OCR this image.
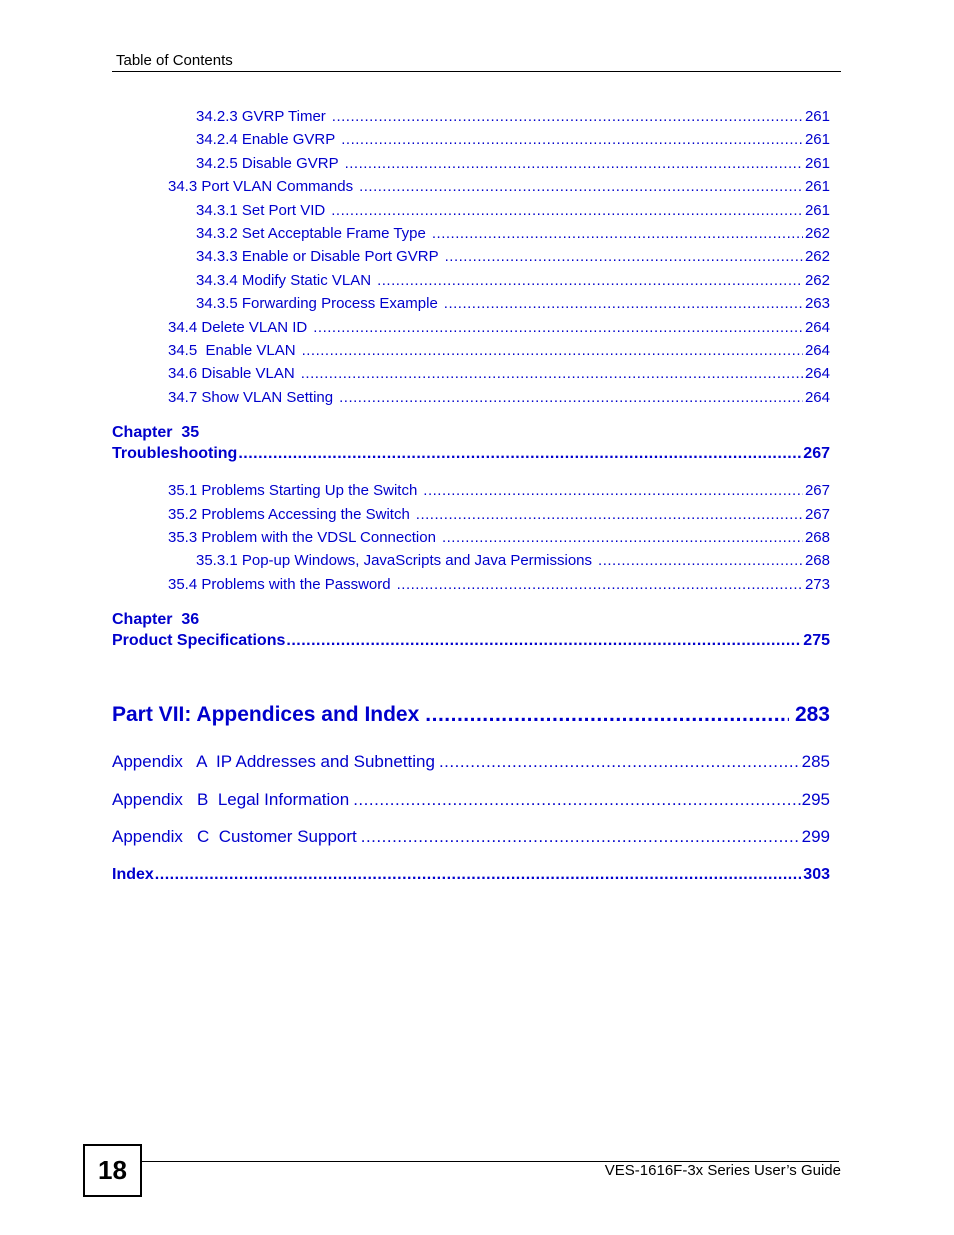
Table of Contents
34.2.3 GVRP Timer .....	261
34.2.4 Enable GVRP .....	261
34.2.5 Disable GVRP .....	261
34.3 Port VLAN Commands .....	261
34.3.1 Set Port VID .....	261
34.3.2 Set Acceptable Frame Type .....	262
34.3.3 Enable or Disable Port GVRP .....	262
34.3.4 Modify Static VLAN .....	262
34.3.5 Forwarding Process Example .....	263
34.4 Delete VLAN ID .....	264
34.5  Enable VLAN .....	264
34.6 Disable VLAN .....	264
34.7 Show VLAN Setting .....	264
Chapter  35
Troubleshooting .....	267
35.1 Problems Starting Up the Switch .....	267
35.2 Problems Accessing the Switch .....	267
35.3 Problem with the VDSL Connection .....	268
35.3.1 Pop-up Windows, JavaScripts and Java Permissions .....	268
35.4 Problems with the Password .....	273
Chapter  36
Product Specifications .....	275
Part VII: Appendices and Index .....	283
Appendix   A  IP Addresses and Subnetting .....	285
Appendix   B  Legal Information .....	295
Appendix   C  Customer Support .....	299
Index .....	303
18	VES-1616F-3x Series User’s Guide
